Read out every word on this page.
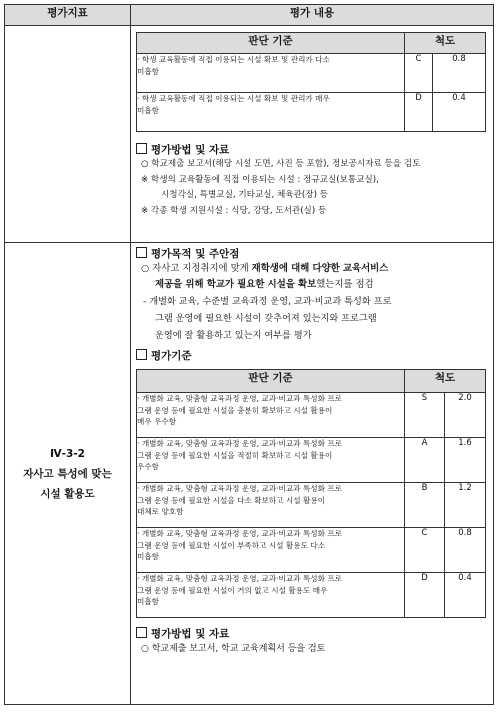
평가지표	평가 내용

판단 기준	척도

· 학생 교육활동에 직접 이용되는 시설 확보 및 관리가 다소
미흡함
	C	0.8

· 학생 교육활동에 직접 이용되는 시설 확보 및 관리가 매우
미흡함
	D	0.4
평가방법 및 자료
○ 학교제출 보고서(해당 시설 도면, 사진 등 포함), 정보공시자료 등을 검토
※ 학생의 교육활동에 직접 이용되는 시설 : 정규교실(보통교실),
시청각실, 특별교실, 기타교실, 체육관(장) 등
※ 각종 학생 지원시설 : 식당, 강당, 도서관(실) 등

Ⅳ-3-2
자사고 특성에 맞는
시설 활용도

평가목적 및 주안점
○ 자사고 지정취지에 맞게 재학생에 대해 다양한 교육서비스
제공을 위해 학교가 필요한 시설을 확보했는지를 점검
- 개별화 교육, 수준별 교육과정 운영, 교과·비교과 특성화 프로
그램 운영에 필요한 시설이 갖추어져 있는지와 프로그램
운영에 잘 활용하고 있는지 여부를 평가
평가기준
판단 기준	척도

· 개별화 교육, 맞춤형 교육과정 운영, 교과·비교과 특성화 프로
그램 운영 등에 필요한 시설을 충분히 확보하고 시설 활용이
매우 우수함
	S	2.0

· 개별화 교육, 맞춤형 교육과정 운영, 교과·비교과 특성화 프로
그램 운영 등에 필요한 시설을 적절히 확보하고 시설 활용이
우수함
	A	1.6

· 개별화 교육, 맞춤형 교육과정 운영, 교과·비교과 특성화 프로
그램 운영 등에 필요한 시설을 다소 확보하고 시설 활용이
대체로 양호함
	B	1.2

· 개별화 교육, 맞춤형 교육과정 운영, 교과·비교과 특성화 프로
그램 운영 등에 필요한 시설이 부족하고 시설 활용도 다소
미흡함
	C	0.8

· 개별화 교육, 맞춤형 교육과정 운영, 교과·비교과 특성화 프로
그램 운영 등에 필요한 시설이 거의 없고 시설 활용도 매우
미흡함
	D	0.4
평가방법 및 자료
○ 학교제출 보고서, 학교 교육계획서 등을 검토
